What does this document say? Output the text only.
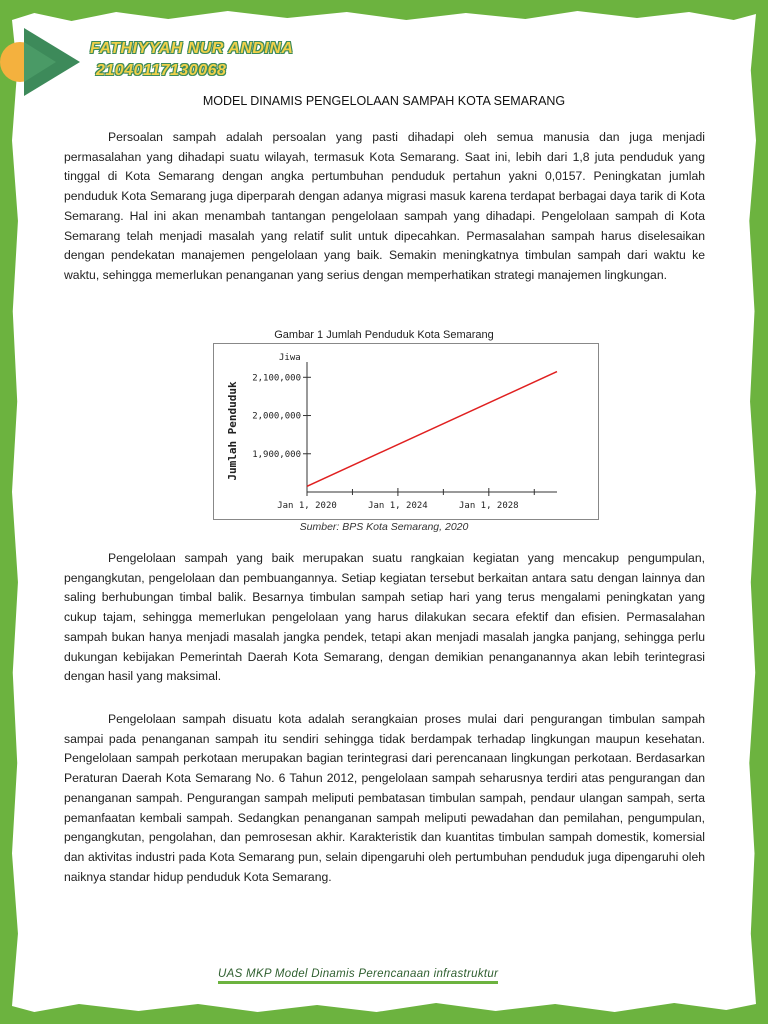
FATHIYYAH NUR ANDINA
21040117130068
MODEL DINAMIS PENGELOLAAN SAMPAH KOTA SEMARANG

Persoalan sampah adalah persoalan yang pasti dihadapi oleh semua manusia dan juga menjadi permasalahan yang dihadapi suatu wilayah, termasuk Kota Semarang. Saat ini, lebih dari 1,8 juta penduduk yang tinggal di Kota Semarang dengan angka pertumbuhan penduduk pertahun yakni 0,0157. Peningkatan jumlah penduduk Kota Semarang juga diperparah dengan adanya migrasi masuk karena terdapat berbagai daya tarik di Kota Semarang. Hal ini akan menambah tantangan pengelolaan sampah yang dihadapi. Pengelolaan sampah di Kota Semarang telah menjadi masalah yang relatif sulit untuk dipecahkan. Permasalahan sampah harus diselesaikan dengan pendekatan manajemen pengelolaan yang baik. Semakin meningkatnya timbulan sampah dari waktu ke waktu, sehingga memerlukan penanganan yang serius dengan memperhatikan strategi manajemen lingkungan.

Gambar 1 Jumlah Penduduk Kota Semarang
Jiwa
Jumlah Penduduk 1,900,000
2,000,000
2,100,000
Jan 1, 2020	Jan 1, 2024	Jan 1, 2028
Sumber: BPS Kota Semarang, 2020

Pengelolaan sampah yang baik merupakan suatu rangkaian kegiatan yang mencakup pengumpulan, pengangkutan, pengelolaan dan pembuangannya. Setiap kegiatan tersebut berkaitan antara satu dengan lainnya dan saling berhubungan timbal balik. Besarnya timbulan sampah setiap hari yang terus mengalami peningkatan yang cukup tajam, sehingga memerlukan pengelolaan yang harus dilakukan secara efektif dan efisien. Permasalahan sampah bukan hanya menjadi masalah jangka pendek, tetapi akan menjadi masalah jangka panjang, sehingga perlu dukungan kebijakan Pemerintah Daerah Kota Semarang, dengan demikian penanganannya akan lebih terintegrasi dengan hasil yang maksimal.

Pengelolaan sampah disuatu kota adalah serangkaian proses mulai dari pengurangan timbulan sampah sampai pada penanganan sampah itu sendiri sehingga tidak berdampak terhadap lingkungan maupun kesehatan. Pengelolaan sampah perkotaan merupakan bagian terintegrasi dari perencanaan lingkungan perkotaan. Berdasarkan Peraturan Daerah Kota Semarang No. 6 Tahun 2012, pengelolaan sampah seharusnya terdiri atas pengurangan dan penanganan sampah. Pengurangan sampah meliputi pembatasan timbulan sampah, pendaur ulangan sampah, serta pemanfaatan kembali sampah. Sedangkan penanganan sampah meliputi pewadahan dan pemilahan, pengumpulan, pengangkutan, pengolahan, dan pemrosesan akhir. Karakteristik dan kuantitas timbulan sampah domestik, komersial dan aktivitas industri pada Kota Semarang pun, selain dipengaruhi oleh pertumbuhan penduduk juga dipengaruhi oleh naiknya standar hidup penduduk Kota Semarang.

UAS MKP Model Dinamis Perencanaan infrastruktur
